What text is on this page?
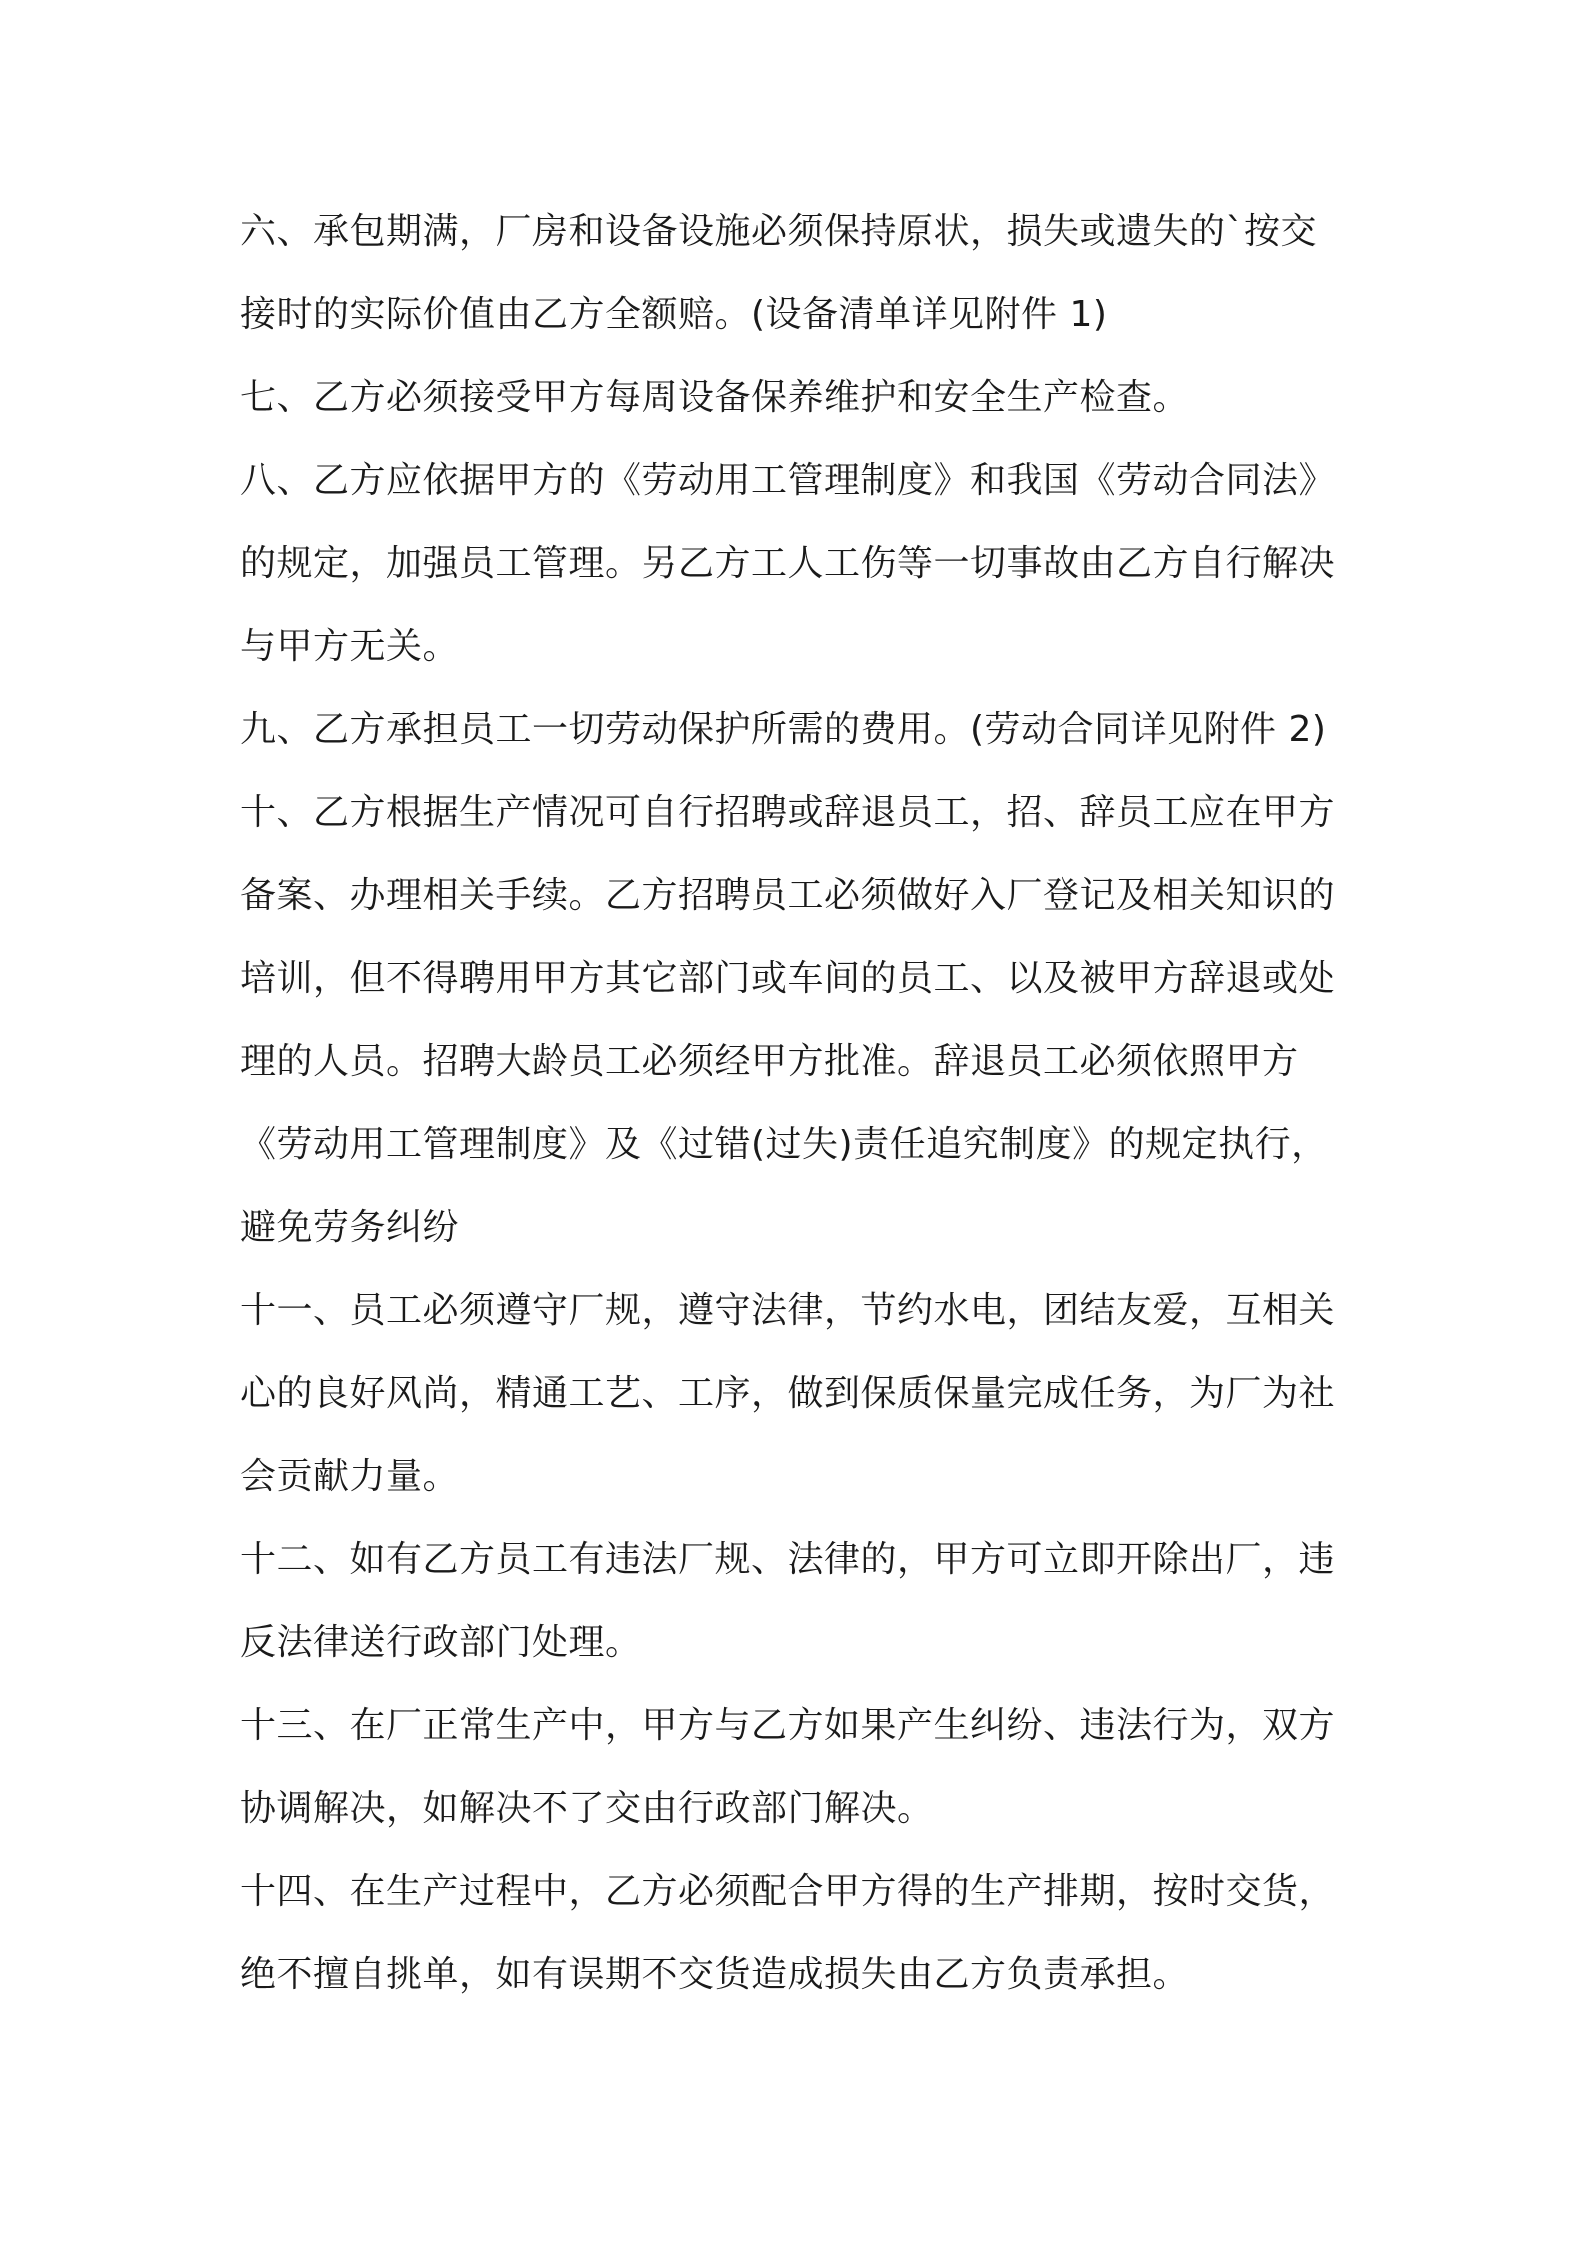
六、承包期满，厂房和设备设施必须保持原状，损失或遗失的`按交接时的实际价值由乙方全额赔。(设备清单详见附件 1)

七、乙方必须接受甲方每周设备保养维护和安全生产检查。

八、乙方应依据甲方的《劳动用工管理制度》和我国《劳动合同法》的规定，加强员工管理。另乙方工人工伤等一切事故由乙方自行解决与甲方无关。

九、乙方承担员工一切劳动保护所需的费用。(劳动合同详见附件 2)

十、乙方根据生产情况可自行招聘或辞退员工，招、辞员工应在甲方备案、办理相关手续。乙方招聘员工必须做好入厂登记及相关知识的培训，但不得聘用甲方其它部门或车间的员工、以及被甲方辞退或处理的人员。招聘大龄员工必须经甲方批准。辞退员工必须依照甲方《劳动用工管理制度》及《过错(过失)责任追究制度》的规定执行，避免劳务纠纷

十一、员工必须遵守厂规，遵守法律，节约水电，团结友爱，互相关心的良好风尚，精通工艺、工序，做到保质保量完成任务，为厂为社会贡献力量。

十二、如有乙方员工有违法厂规、法律的，甲方可立即开除出厂，违反法律送行政部门处理。

十三、在厂正常生产中，甲方与乙方如果产生纠纷、违法行为，双方协调解决，如解决不了交由行政部门解决。

十四、在生产过程中，乙方必须配合甲方得的生产排期，按时交货，绝不擅自挑单，如有误期不交货造成损失由乙方负责承担。
